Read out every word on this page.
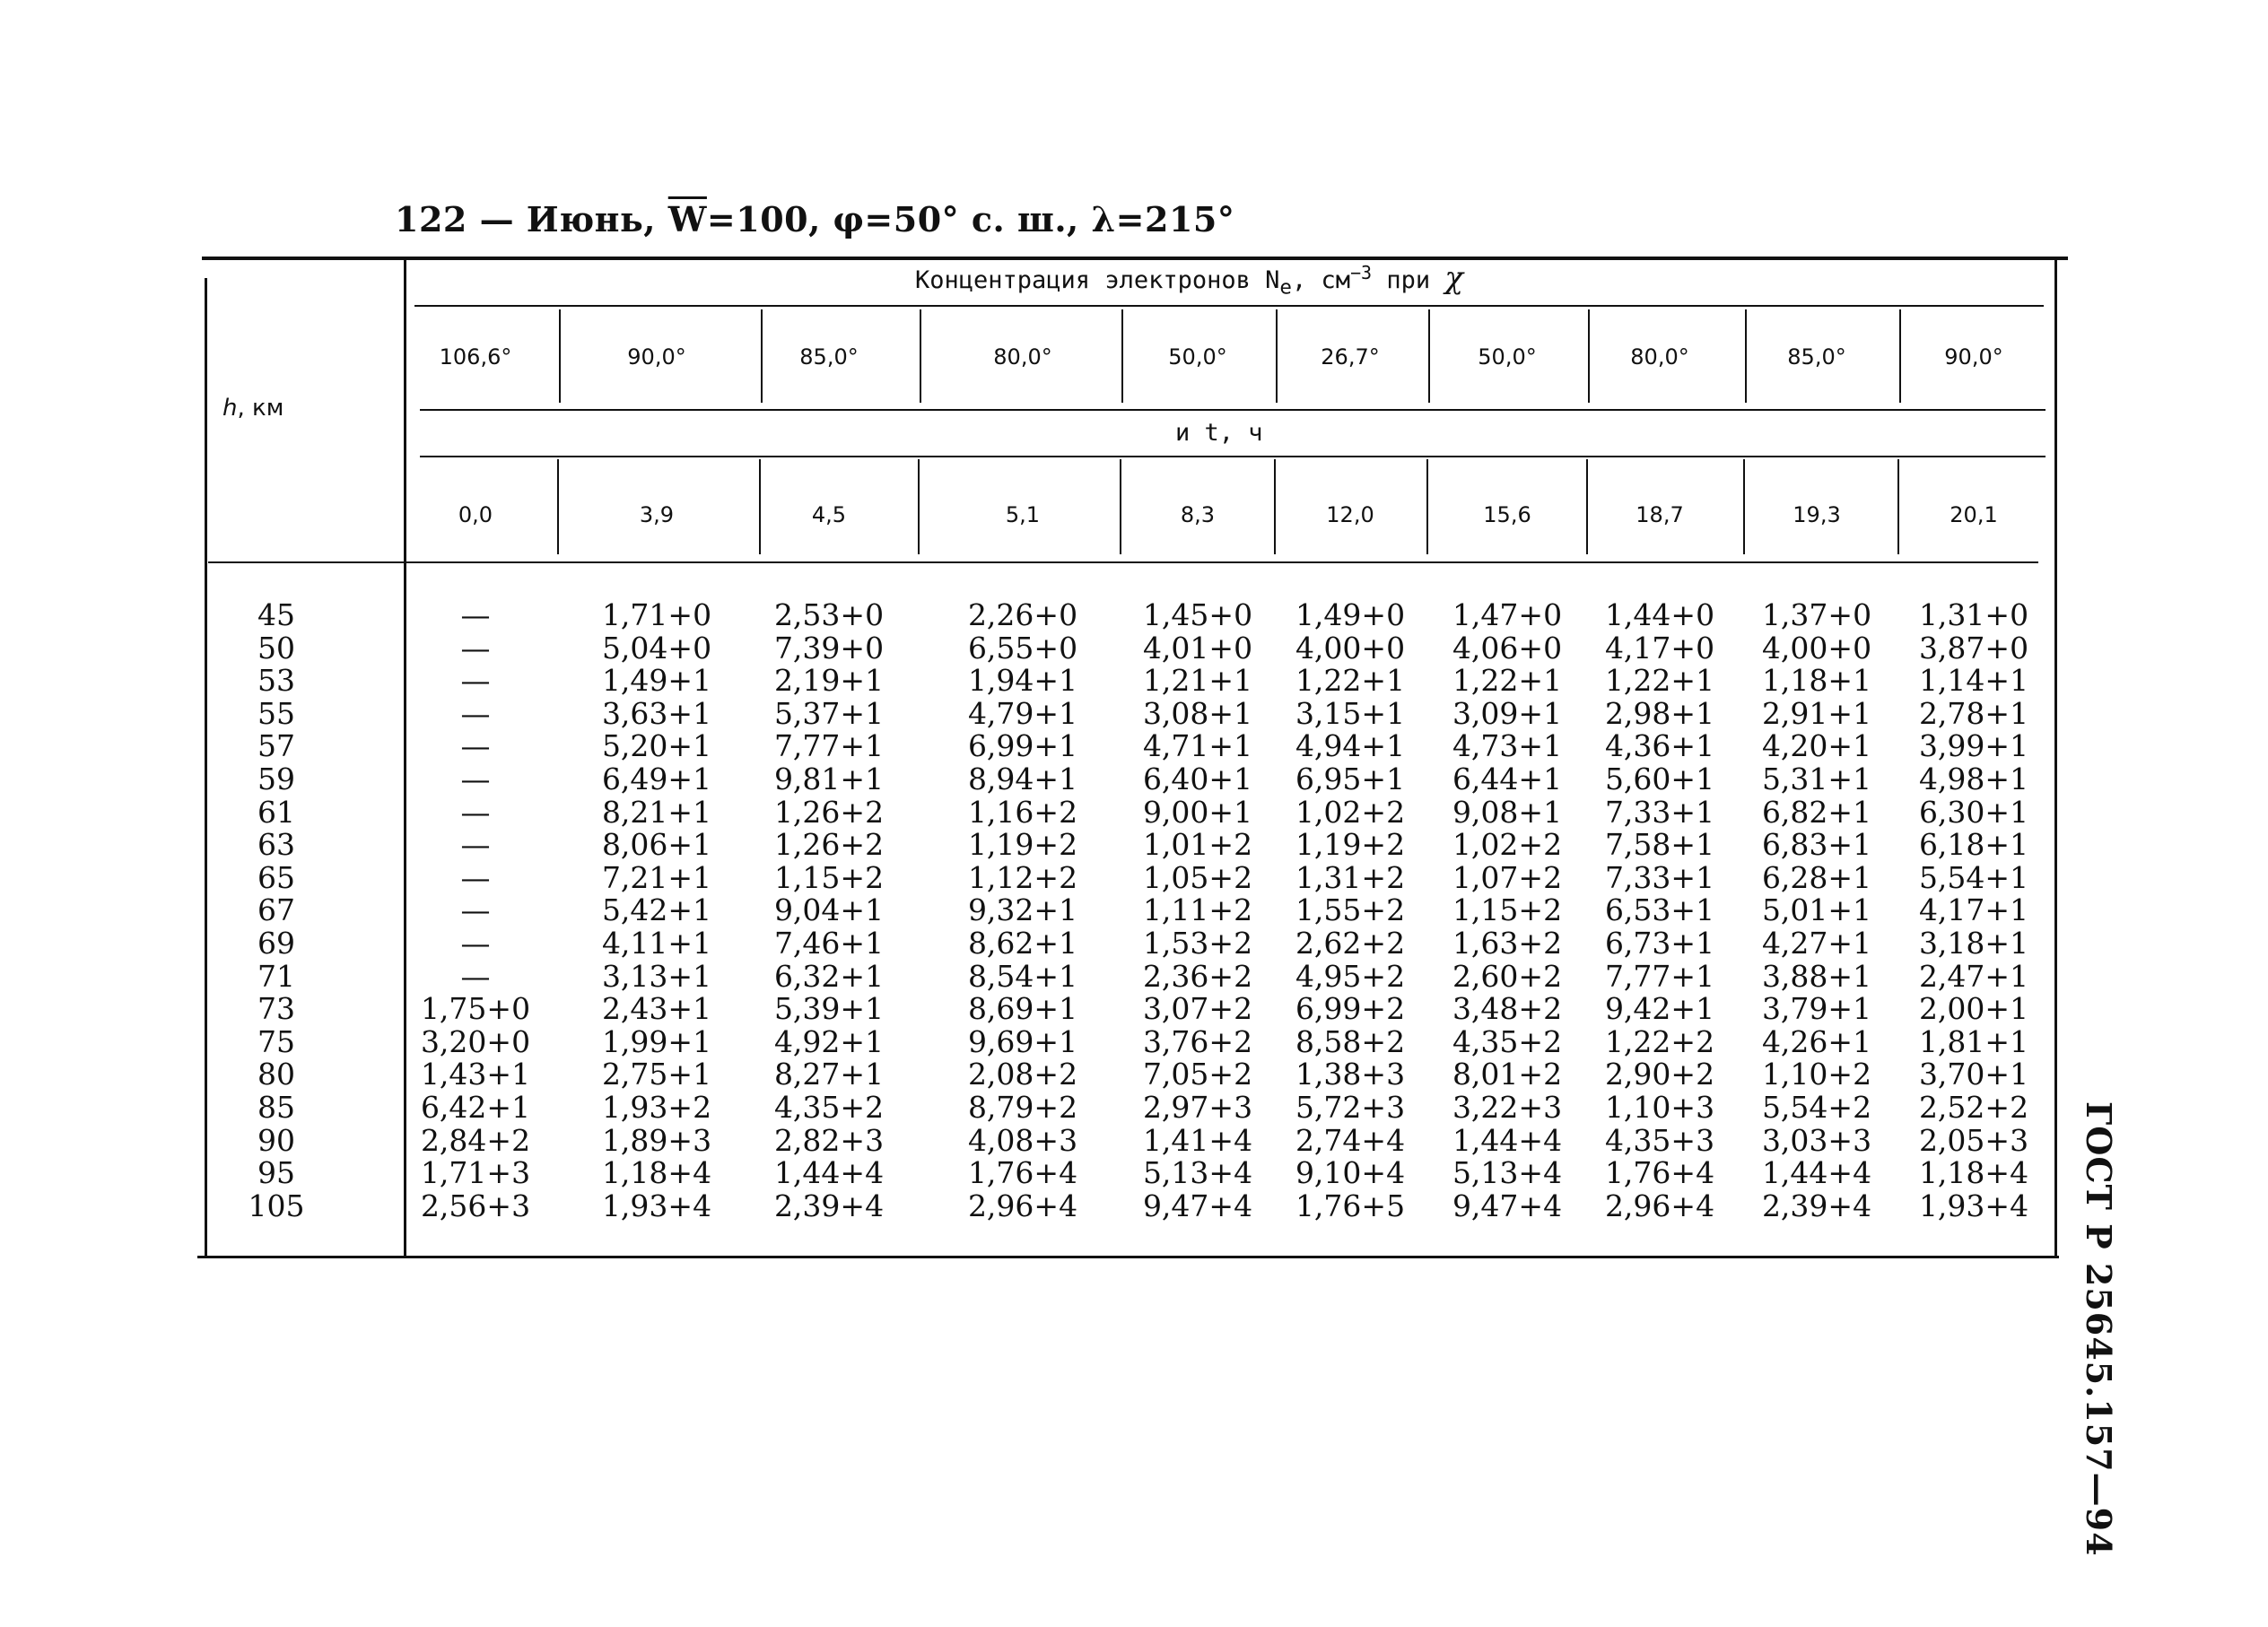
122 — Июнь, $\overline{W}=100$, φ=50° с. ш., λ=215°
ГОСТ Р 25645.157—94
h, км
Концентрация электронов $N_e$, $см^{-3}$ при χ
и t, ч
106,6°	90,0°	85,0°	80,0°	50,0°	26,7°	50,0°	80,0°	85,0°	90,0°
0,0	3,9	4,5	5,1	8,3	12,0	15,6	18,7	19,3	20,1
45	—	1,71+0	2,53+0	2,26+0	1,45+0	1,49+0	1,47+0	1,44+0	1,37+0	1,31+0
50	—	5,04+0	7,39+0	6,55+0	4,01+0	4,00+0	4,06+0	4,17+0	4,00+0	3,87+0
53	—	1,49+1	2,19+1	1,94+1	1,21+1	1,22+1	1,22+1	1,22+1	1,18+1	1,14+1
55	—	3,63+1	5,37+1	4,79+1	3,08+1	3,15+1	3,09+1	2,98+1	2,91+1	2,78+1
57	—	5,20+1	7,77+1	6,99+1	4,71+1	4,94+1	4,73+1	4,36+1	4,20+1	3,99+1
59	—	6,49+1	9,81+1	8,94+1	6,40+1	6,95+1	6,44+1	5,60+1	5,31+1	4,98+1
61	—	8,21+1	1,26+2	1,16+2	9,00+1	1,02+2	9,08+1	7,33+1	6,82+1	6,30+1
63	—	8,06+1	1,26+2	1,19+2	1,01+2	1,19+2	1,02+2	7,58+1	6,83+1	6,18+1
65	—	7,21+1	1,15+2	1,12+2	1,05+2	1,31+2	1,07+2	7,33+1	6,28+1	5,54+1
67	—	5,42+1	9,04+1	9,32+1	1,11+2	1,55+2	1,15+2	6,53+1	5,01+1	4,17+1
69	—	4,11+1	7,46+1	8,62+1	1,53+2	2,62+2	1,63+2	6,73+1	4,27+1	3,18+1
71	—	3,13+1	6,32+1	8,54+1	2,36+2	4,95+2	2,60+2	7,77+1	3,88+1	2,47+1
73	1,75+0	2,43+1	5,39+1	8,69+1	3,07+2	6,99+2	3,48+2	9,42+1	3,79+1	2,00+1
75	3,20+0	1,99+1	4,92+1	9,69+1	3,76+2	8,58+2	4,35+2	1,22+2	4,26+1	1,81+1
80	1,43+1	2,75+1	8,27+1	2,08+2	7,05+2	1,38+3	8,01+2	2,90+2	1,10+2	3,70+1
85	6,42+1	1,93+2	4,35+2	8,79+2	2,97+3	5,72+3	3,22+3	1,10+3	5,54+2	2,52+2
90	2,84+2	1,89+3	2,82+3	4,08+3	1,41+4	2,74+4	1,44+4	4,35+3	3,03+3	2,05+3
95	1,71+3	1,18+4	1,44+4	1,76+4	5,13+4	9,10+4	5,13+4	1,76+4	1,44+4	1,18+4
105	2,56+3	1,93+4	2,39+4	2,96+4	9,47+4	1,76+5	9,47+4	2,96+4	2,39+4	1,93+4
